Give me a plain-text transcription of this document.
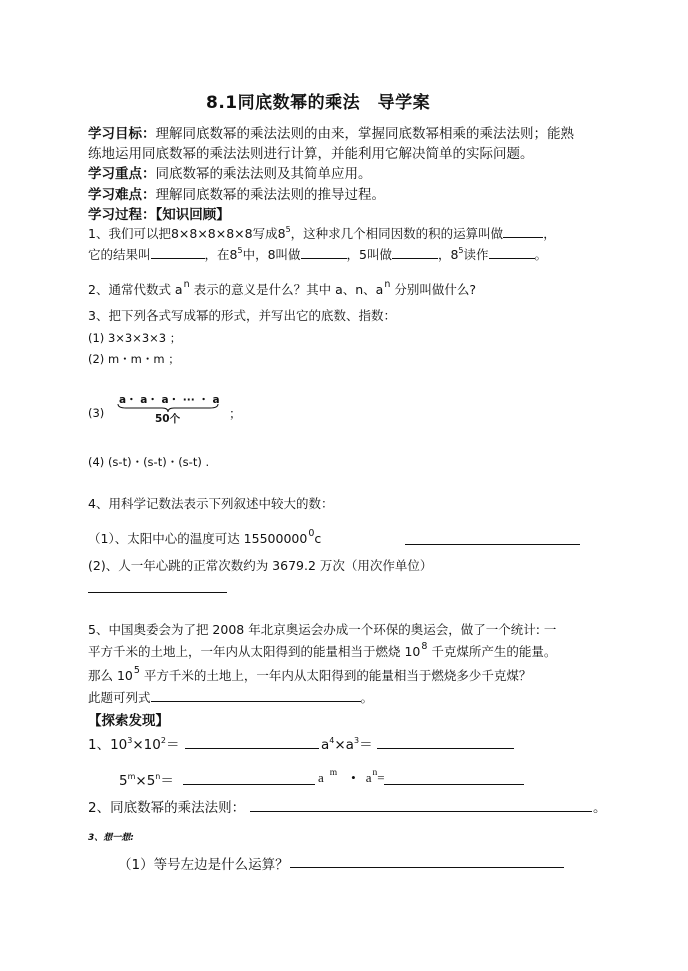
8.1同底数幂的乘法　导学案
学习目标：理解同底数幂的乘法法则的由来，掌握同底数幂相乘的乘法法则；能熟
练地运用同底数幂的乘法法则进行计算，并能利用它解决简单的实际问题。
学习重点：同底数幂的乘法法则及其简单应用。
学习难点：理解同底数幂的乘法法则的推导过程。
学习过程：【知识回顾】
1、我们可以把8×8×8×8×8写成$8^5$，这种求几个相同因数的积的运算叫做	，
它的结果叫	，在$8^5$中，8叫做	，5叫做	，$8^5$读作	。
2、通常代数式 $a^n$ 表示的意义是什么？其中 a、n、$a^n$ 分别叫做什么?
3、把下列各式写成幂的形式，并写出它的底数、指数：
(1) 3×3×3×3 ；
(2) m・m・m ；
(3)
a・ a・ a・ ··· ・ a
50个	；
(4) (s-t)・(s-t)・(s-t) .
4、用科学记数法表示下列叙述中较大的数：
（1）、太阳中心的温度可达 15500000$^0$c
(2)、人一年心跳的正常次数约为 3679.2 万次（用次作单位）
5、中国奥委会为了把 2008 年北京奥运会办成一个环保的奥运会，做了一个统计: 一
平方千米的土地上，一年内从太阳得到的能量相当于燃烧 $10^8$ 千克煤所产生的能量。
那么 $10^5$ 平方千米的土地上，一年内从太阳得到的能量相当于燃烧多少千克煤？
此题可列式	。
【探索发现】
1、$10^3\times 10^2=$	$a^4\times a^3=$
$5^m\times 5^n=$	a $^m$ • $a^n=$
2、同底数幂的乘法法则：	。
3、想一想:
（1）等号左边是什么运算？
